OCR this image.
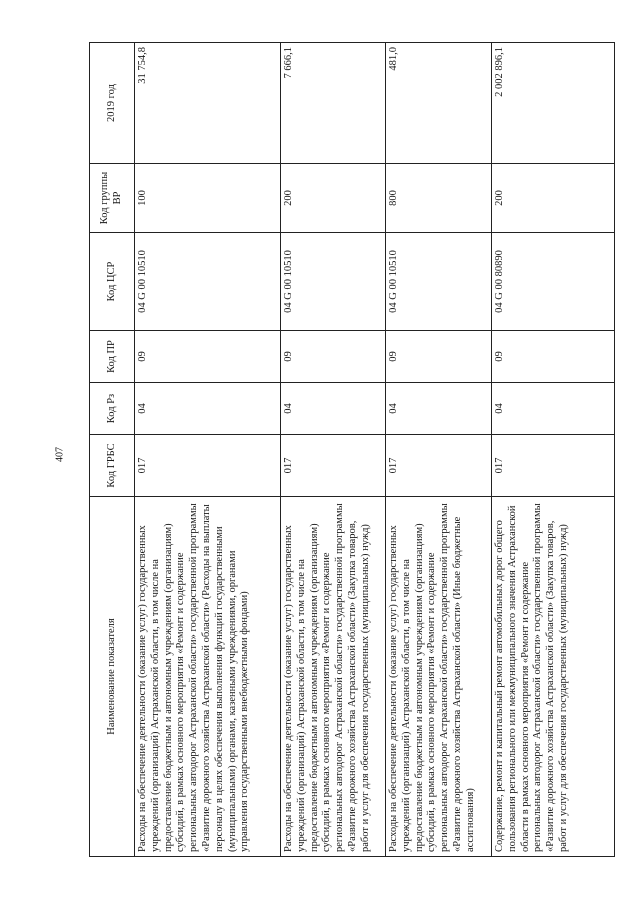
407
Наименование показателя	Код ГРБС	Код Рз	Код ПР	Код ЦСР	Код группы ВР	2019 год
Расходы на обеспечение деятельности (оказание услуг) государственных учреждений (организаций) Астраханской области, в том числе на предоставление бюджетным и автономным учреждениям (организациям) субсидий, в рамках основного мероприятия «Ремонт и содержание региональных автодорог Астраханской области» государственной программы «Развитие дорожного хозяйства Астраханской области» (Расходы на выплаты персоналу в целях обеспечения выполнения функций государственными (муниципальными) органами, казенными учреждениями, органами управления государственными внебюджетными фондами)	017	04	09	04 G 00 10510	100	31 754,8
Расходы на обеспечение деятельности (оказание услуг) государственных учреждений (организаций) Астраханской области, в том числе на предоставление бюджетным и автономным учреждениям (организациям) субсидий, в рамках основного мероприятия «Ремонт и содержание региональных автодорог Астраханской области» государственной программы «Развитие дорожного хозяйства Астраханской области» (Закупка товаров, работ и услуг для обеспечения государственных (муниципальных) нужд)	017	04	09	04 G 00 10510	200	7 666,1
Расходы на обеспечение деятельности (оказание услуг) государственных учреждений (организаций) Астраханской области, в том числе на предоставление бюджетным и автономным учреждениям (организациям) субсидий, в рамках основного мероприятия «Ремонт и содержание региональных автодорог Астраханской области» государственной программы «Развитие дорожного хозяйства Астраханской области» (Иные бюджетные ассигнования)	017	04	09	04 G 00 10510	800	481,0
Содержание, ремонт и капитальный ремонт автомобильных дорог общего пользования регионального или межмуниципального значения Астраханской области в рамках основного мероприятия «Ремонт и содержание региональных автодорог Астраханской области» государственной программы «Развитие дорожного хозяйства Астраханской области» (Закупка товаров, работ и услуг для обеспечения государственных (муниципальных) нужд)	017	04	09	04 G 00 80890	200	2 002 896,1
